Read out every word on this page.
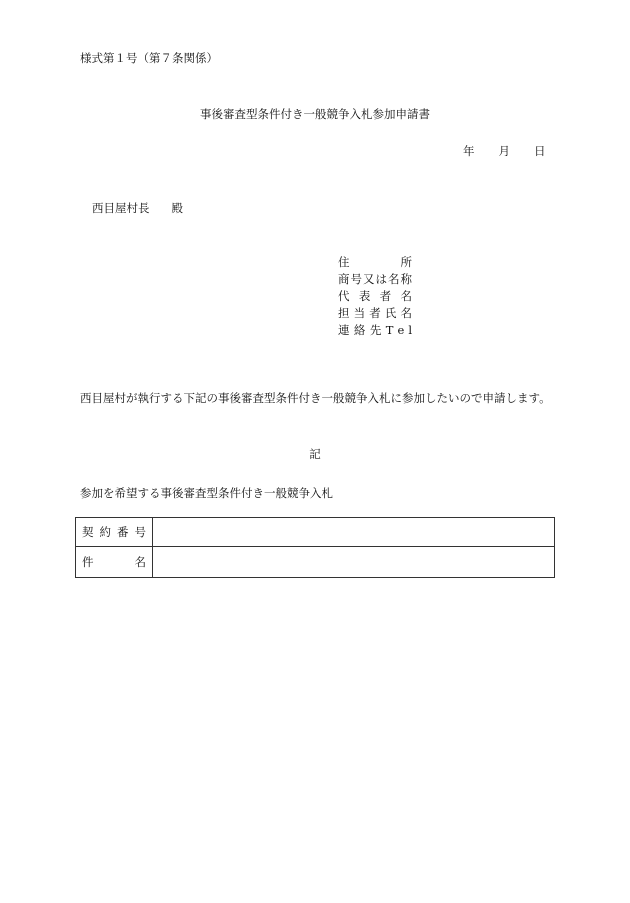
様式第１号（第７条関係）
事後審査型条件付き一般競争入札参加申請書
年 月 日
西目屋村長 殿
住　　　所
商号又は名称
代 表 者 名
担 当 者 氏 名
連 絡 先 T e l
西目屋村が執行する下記の事後審査型条件付き一般競争入札に参加したいので申請します。
記
参加を希望する事後審査型条件付き一般競争入札
契約番号	
件　名	
